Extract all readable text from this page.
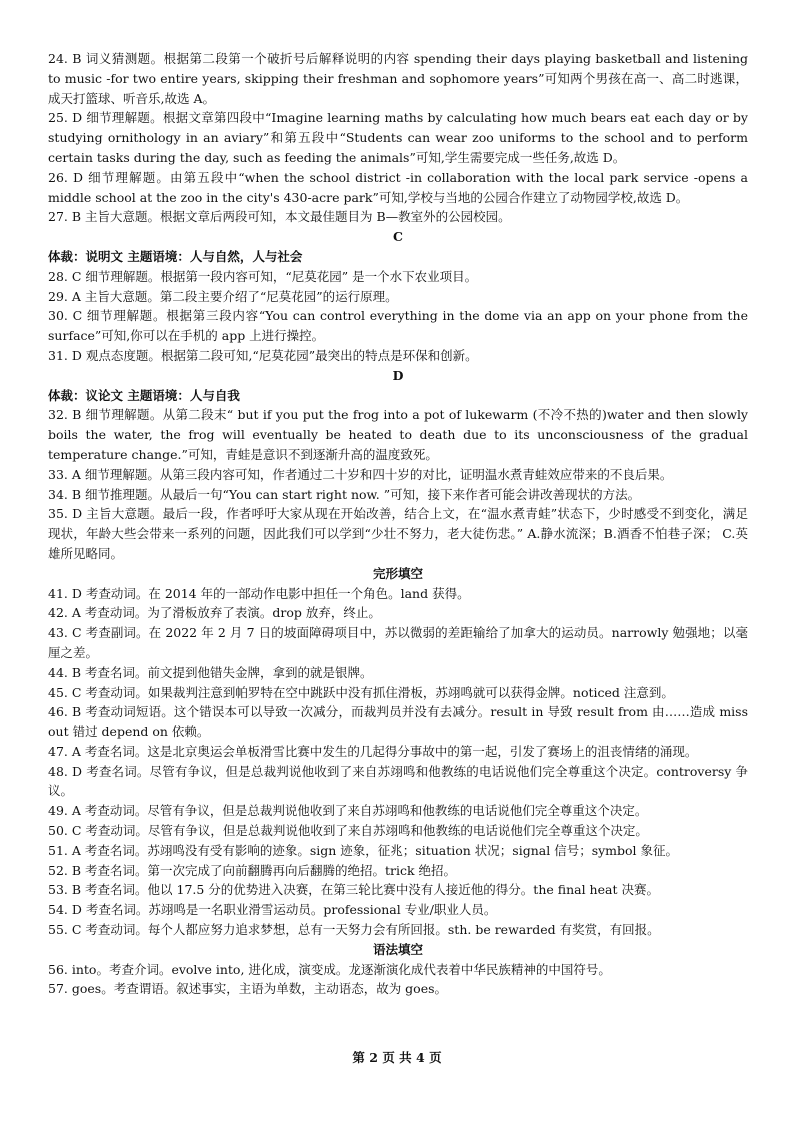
24. B 词义猜测题。根据第二段第一个破折号后解释说明的内容 spending their days playing basketball and listening to music -for two entire years, skipping their freshman and sophomore years”可知两个男孩在高一、高二时逃课，成天打篮球、听音乐,故选 A。

25. D 细节理解题。根据文章第四段中“Imagine learning maths by calculating how much bears eat each day or by studying ornithology in an aviary”和第五段中“Students can wear zoo uniforms to the school and to perform certain tasks during the day, such as feeding the animals”可知,学生需要完成一些任务,故选 D。

26. D 细节理解题。由第五段中“when the school district -in collaboration with the local park service -opens a middle school at the zoo in the city's 430-acre park”可知,学校与当地的公园合作建立了动物园学校,故选 D。

27. B 主旨大意题。根据文章后两段可知，本文最佳题目为 B—教室外的公园校园。

C

体裁：说明文 主题语境：人与自然，人与社会

28. C 细节理解题。根据第一段内容可知，“尼莫花园” 是一个水下农业项目。

29. A 主旨大意题。第二段主要介绍了“尼莫花园”的运行原理。

30. C 细节理解题。根据第三段内容“You can control everything in the dome via an app on your phone from the surface”可知,你可以在手机的 app 上进行操控。

31. D 观点态度题。根据第二段可知,“尼莫花园”最突出的特点是环保和创新。

D

体裁：议论文 主题语境：人与自我

32. B 细节理解题。从第二段末“ but if you put the frog into a pot of lukewarm (不冷不热的)water and then slowly boils the water, the frog will eventually be heated to death due to its unconsciousness of the gradual temperature change.”可知，青蛙是意识不到逐渐升高的温度致死。

33. A 细节理解题。从第三段内容可知，作者通过二十岁和四十岁的对比，证明温水煮青蛙效应带来的不良后果。

34. B 细节推理题。从最后一句“You can start right now. ”可知，接下来作者可能会讲改善现状的方法。

35. D 主旨大意题。最后一段，作者呼吁大家从现在开始改善，结合上文，在“温水煮青蛙”状态下，少时感受不到变化，满足现状，年龄大些会带来一系列的问题，因此我们可以学到“少壮不努力，老大徒伤悲。” A.静水流深；B.酒香不怕巷子深； C.英雄所见略同。

完形填空

41. D 考查动词。在 2014 年的一部动作电影中担任一个角色。land 获得。

42. A 考查动词。为了滑板放弃了表演。drop 放弃，终止。

43. C 考查副词。在 2022 年 2 月 7 日的坡面障碍项目中，苏以微弱的差距输给了加拿大的运动员。narrowly 勉强地；以毫厘之差。

44. B 考查名词。前文提到他错失金牌，拿到的就是银牌。

45. C 考查动词。如果裁判注意到帕罗特在空中跳跃中没有抓住滑板，苏翊鸣就可以获得金牌。noticed 注意到。

46. B 考查动词短语。这个错误本可以导致一次减分，而裁判员并没有去减分。result in 导致 result from 由……造成 miss out 错过 depend on 依赖。

47. A 考查名词。这是北京奥运会单板滑雪比赛中发生的几起得分事故中的第一起，引发了赛场上的沮丧情绪的涌现。

48. D 考查名词。尽管有争议，但是总裁判说他收到了来自苏翊鸣和他教练的电话说他们完全尊重这个决定。controversy 争议。

49. A 考查动词。尽管有争议，但是总裁判说他收到了来自苏翊鸣和他教练的电话说他们完全尊重这个决定。

50. C 考查动词。尽管有争议，但是总裁判说他收到了来自苏翊鸣和他教练的电话说他们完全尊重这个决定。

51. A 考查名词。苏翊鸣没有受有影响的迹象。sign 迹象，征兆；situation 状况；signal 信号；symbol 象征。

52. B 考查名词。第一次完成了向前翻腾再向后翻腾的绝招。trick 绝招。

53. B 考查名词。他以 17.5 分的优势进入决赛，在第三轮比赛中没有人接近他的得分。the final heat 决赛。

54. D 考查名词。苏翊鸣是一名职业滑雪运动员。professional 专业/职业人员。

55. C 考查动词。每个人都应努力追求梦想，总有一天努力会有所回报。sth. be rewarded 有奖赏，有回报。

语法填空

56. into。考查介词。evolve into, 进化成，演变成。龙逐渐演化成代表着中华民族精神的中国符号。

57. goes。考查谓语。叙述事实，主语为单数，主动语态，故为 goes。

第 2 页 共 4 页
